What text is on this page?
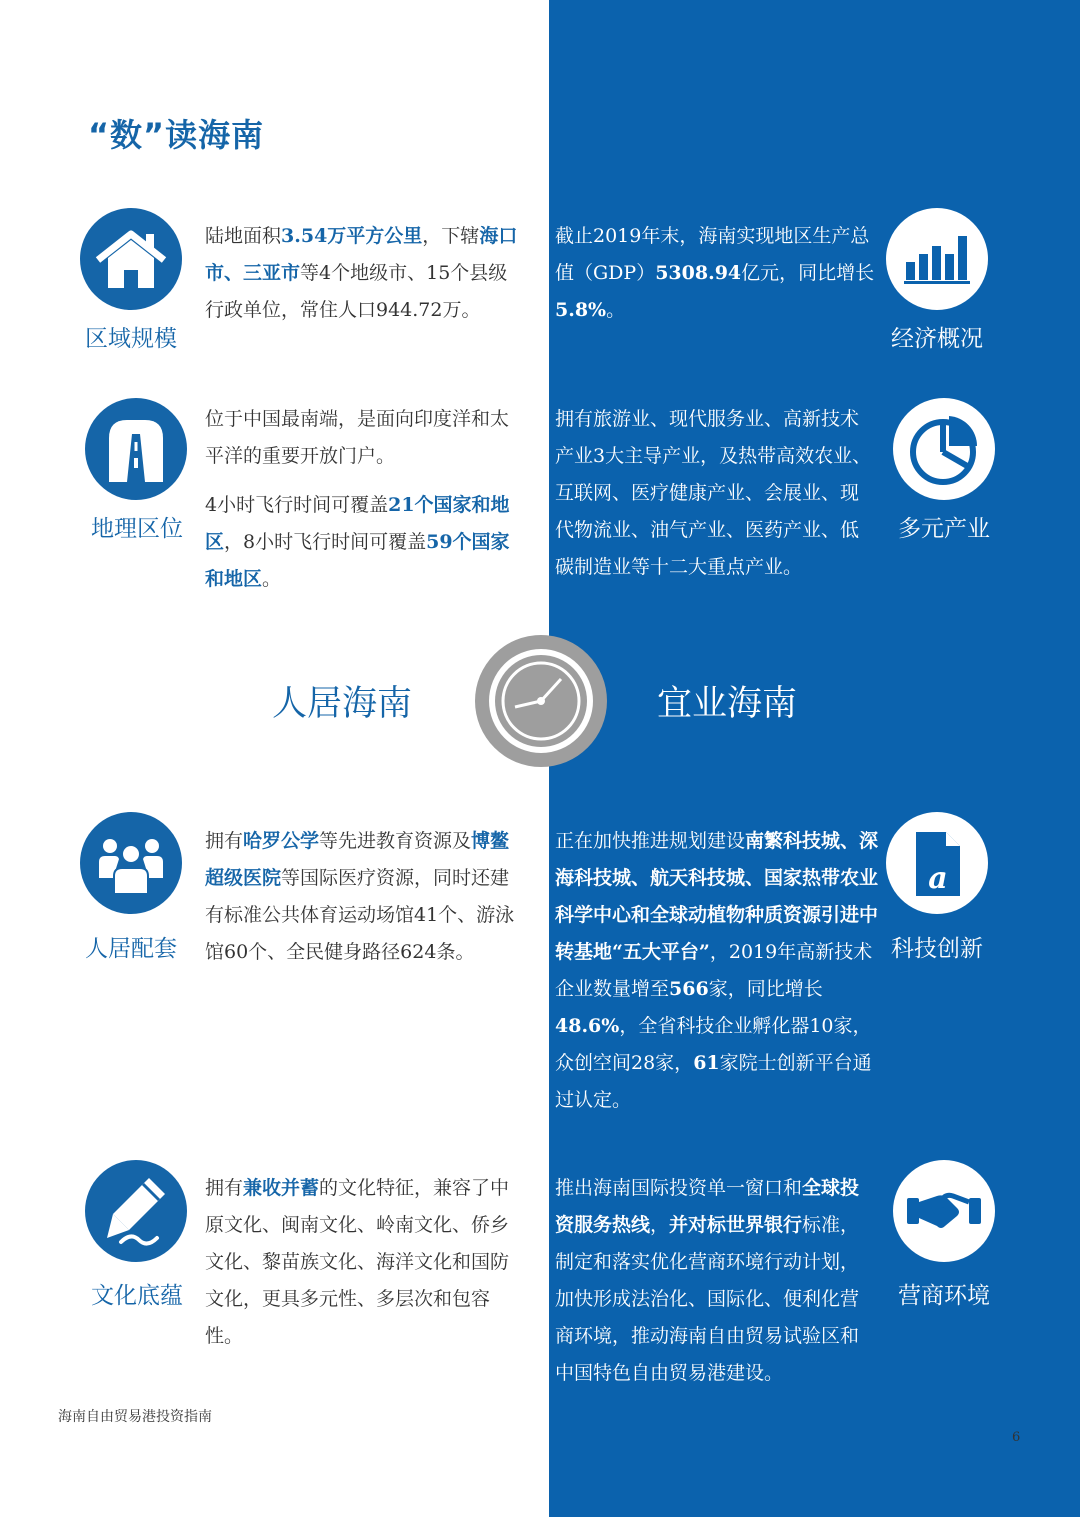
“数”读海南
区域规模

陆地面积3.54万平方公里，下辖海口市、三亚市等4个地级市、15个县级行政单位，常住人口944.72万。

地理区位

位于中国最南端，是面向印度洋和太平洋的重要开放门户。

4小时飞行时间可覆盖21个国家和地区，8小时飞行时间可覆盖59个国家和地区。

经济概况

截止2019年末，海南实现地区生产总值（GDP）5308.94亿元，同比增长5.8%。

多元产业

拥有旅游业、现代服务业、高新技术产业3大主导产业，及热带高效农业、互联网、医疗健康产业、会展业、现代物流业、油气产业、医药产业、低碳制造业等十二大重点产业。

人居海南	宜业海南
人居配套

拥有哈罗公学等先进教育资源及博鳌超级医院等国际医疗资源，同时还建有标准公共体育运动场馆41个、游泳馆60个、全民健身路径624条。

a
科技创新

正在加快推进规划建设南繁科技城、深海科技城、航天科技城、国家热带农业科学中心和全球动植物种质资源引进中转基地“五大平台”，2019年高新技术企业数量增至566家，同比增长48.6%，全省科技企业孵化器10家，众创空间28家，61家院士创新平台通过认定。

文化底蕴

拥有兼收并蓄的文化特征，兼容了中原文化、闽南文化、岭南文化、侨乡文化、黎苗族文化、海洋文化和国防文化，更具多元性、多层次和包容性。

营商环境

推出海南国际投资单一窗口和全球投资服务热线，并对标世界银行标准，制定和落实优化营商环境行动计划，加快形成法治化、国际化、便利化营商环境，推动海南自由贸易试验区和中国特色自由贸易港建设。

海南自由贸易港投资指南
6
